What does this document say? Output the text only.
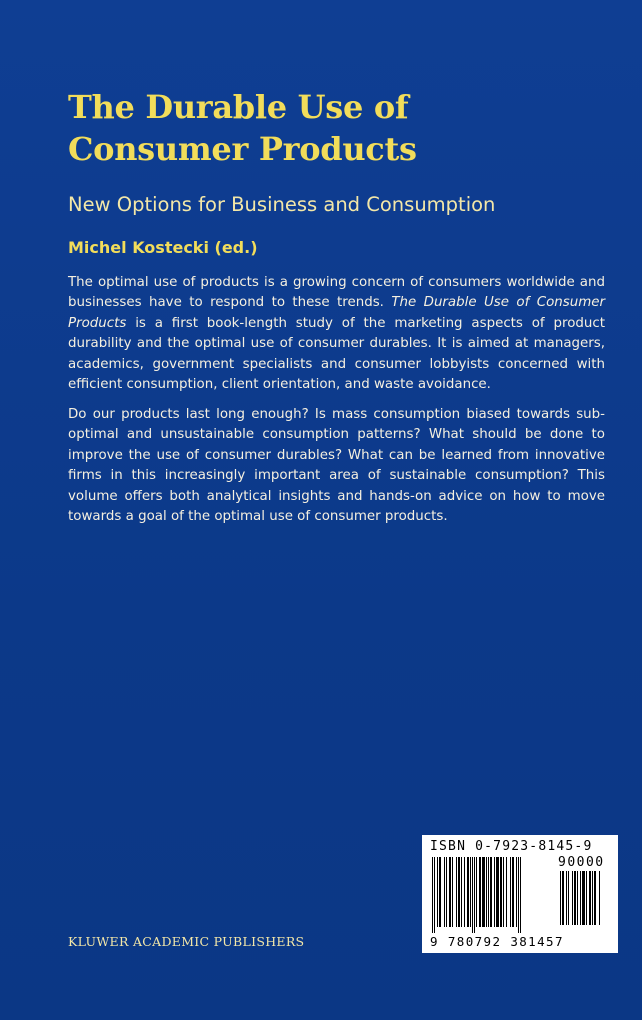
The Durable Use of
Consumer Products
New Options for Business and Consumption
Michel Kostecki (ed.)
The optimal use of products is a growing concern of consumers worldwide and businesses have to respond to these trends. The Durable Use of Consumer Products is a first book-length study of the marketing aspects of product durability and the optimal use of consumer durables. It is aimed at managers, academics, government specialists and consumer lobbyists concerned with efficient consumption, client orientation, and waste avoidance.
Do our products last long enough? Is mass consumption biased towards sub-optimal and unsustainable consumption patterns? What should be done to improve the use of consumer durables? What can be learned from innovative firms in this increasingly important area of sustainable consumption? This volume offers both analytical insights and hands-on advice on how to move towards a goal of the optimal use of consumer products.
KLUWER ACADEMIC PUBLISHERS
ISBN 0-7923-8145-9
90000
9 780792 381457
